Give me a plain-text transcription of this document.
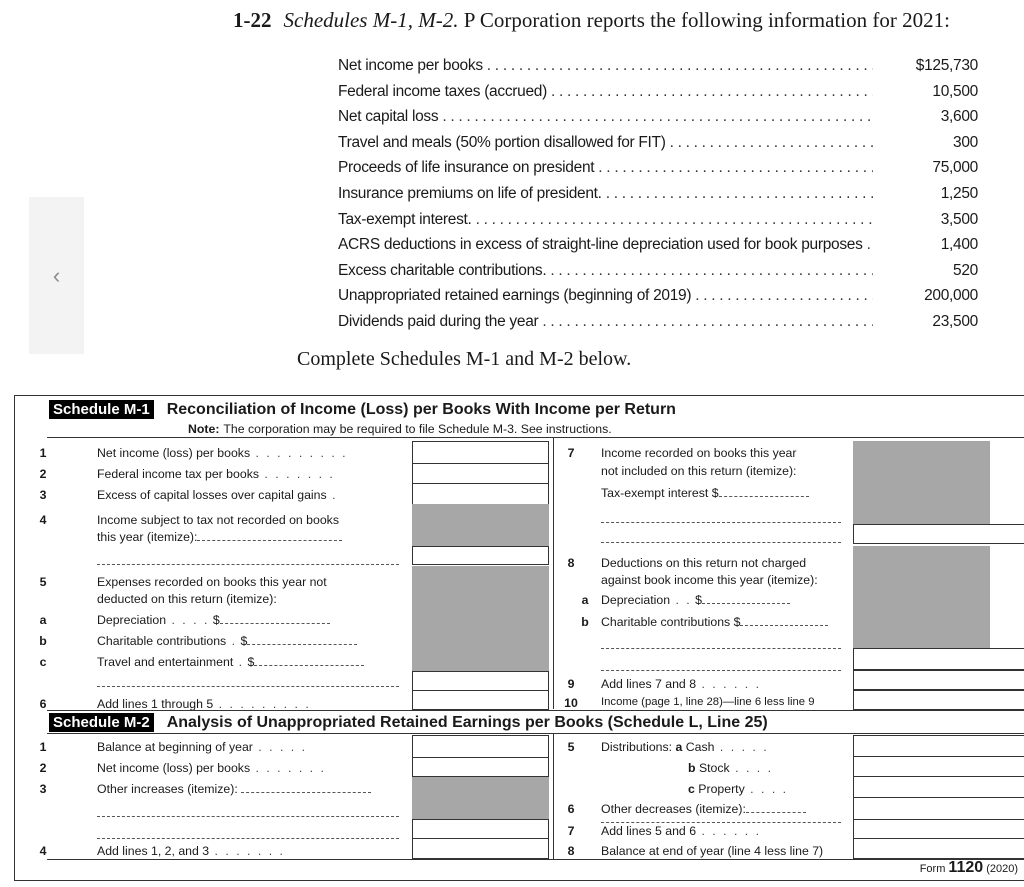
‹
1-22 Schedules M-1, M-2. P Corporation reports the following information for 2021:
Net income per books . . .	$125,730
Federal income taxes (accrued) . . .	10,500
Net capital loss . . .	3,600
Travel and meals (50% portion disallowed for FIT) . . .	300
Proceeds of life insurance on president . . .	75,000
Insurance premiums on life of president. . . .	1,250
Tax-exempt interest. . . .	3,500
ACRS deductions in excess of straight-line depreciation used for book purposes . . .	1,400
Excess charitable contributions. . . .	520
Unappropriated retained earnings (beginning of 2019) . . .	200,000
Dividends paid during the year . . .	23,500
Complete Schedules M-1 and M-2 below.
Schedule M-1 Reconciliation of Income (Loss) per Books With Income per Return
Note: The corporation may be required to file Schedule M-3. See instructions.
1	Net income (loss) per books . . . . . . . . .
2	Federal income tax per books . . . . . . .
3	Excess of capital losses over capital gains .
4	Income subject to tax not recorded on books
this year (itemize):
5	Expenses recorded on books this year not
deducted on this return (itemize):
a	Depreciation . . . . $
b	Charitable contributions . $
c	Travel and entertainment . $
6	Add lines 1 through 5 . . . . . . . . .
7	Income recorded on books this year
not included on this return (itemize):
Tax-exempt interest $
8	Deductions on this return not charged
against book income this year (itemize):
a	Depreciation . . $
b Charitable contributions $
9	Add lines 7 and 8 . . . . . .
10 Income (page 1, line 28)—line 6 less line 9
Schedule M-2 Analysis of Unappropriated Retained Earnings per Books (Schedule L, Line 25)
1	Balance at beginning of year . . . . .
2	Net income (loss) per books . . . . . . .
3	Other increases (itemize):
4	Add lines 1, 2, and 3 . . . . . . .
5	Distributions: a Cash . . . . .
b Stock . . . .
c Property . . . .
6	Other decreases (itemize):
7	Add lines 5 and 6 . . . . . .
8	Balance at end of year (line 4 less line 7)
Form 1120 (2020)
